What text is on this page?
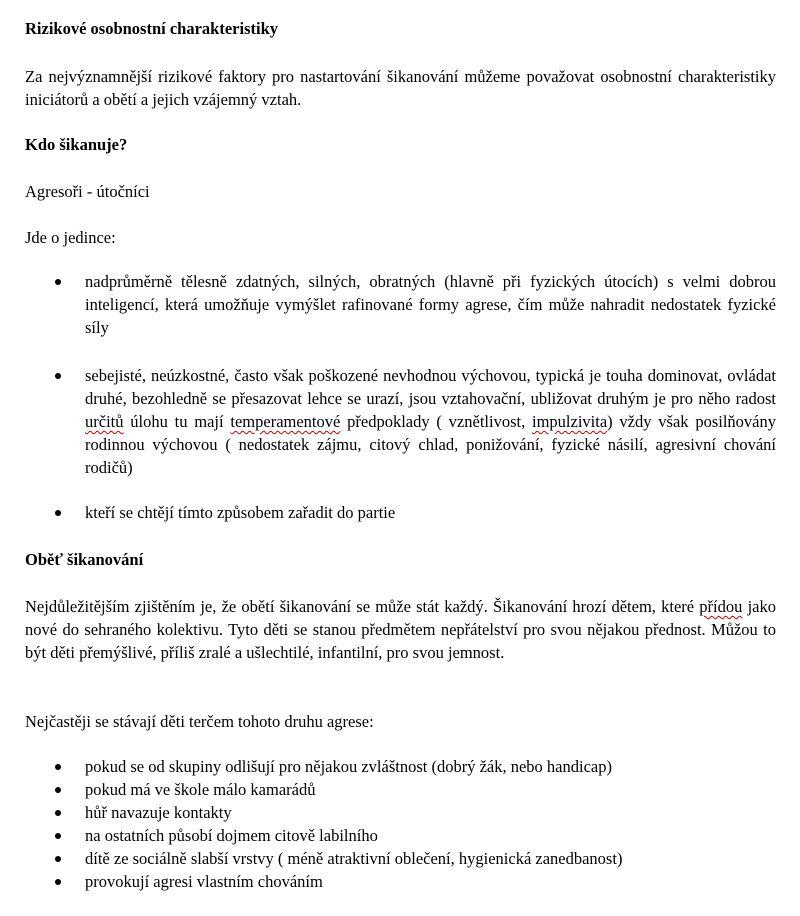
Rizikové osobnostní charakteristiky

Za nejvýznamnější rizikové faktory pro nastartování šikanování můžeme považovat osobnostní charakteristiky iniciátorů a obětí a jejich vzájemný vztah.

Kdo šikanuje?

Agresoři - útočníci

Jde o jedince:

nadprůměrně tělesně zdatných, silných, obratných (hlavně při fyzických útocích) s velmi dobrou inteligencí, která umožňuje vymýšlet rafinované formy agrese, čím může nahradit nedostatek fyzické síly
sebejisté, neúzkostné, často však poškozené nevhodnou výchovou, typická je touha dominovat, ovládat druhé, bezohledně se přesazovat lehce se urazí, jsou vztahovační, ubližovat druhým je pro něho radost určitů úlohu tu mají temperamentové předpoklady ( vznětlivost, impulzivita) vždy však posilňovány rodinnou výchovou ( nedostatek zájmu, citový chlad, ponižování, fyzické násilí, agresivní chování rodičů)
kteří se chtějí tímto způsobem zařadit do partie
Oběť šikanování

Nejdůležitějším zjištěním je, že obětí šikanování se může stát každý. Šikanování hrozí dětem, které přídou jako nové do sehraného kolektivu. Tyto děti se stanou předmětem nepřátelství pro svou nějakou přednost. Můžou to být děti přemýšlivé, příliš zralé a ušlechtilé, infantilní, pro svou jemnost.

Nejčastěji se stávají děti terčem tohoto druhu agrese:

pokud se od skupiny odlišují pro nějakou zvláštnost (dobrý žák, nebo handicap)
pokud má ve škole málo kamarádů
hůř navazuje kontakty
na ostatních působí dojmem citově labilního
dítě ze sociálně slabší vrstvy ( méně atraktivní oblečení, hygienická zanedbanost)
provokují agresi vlastním chováním
